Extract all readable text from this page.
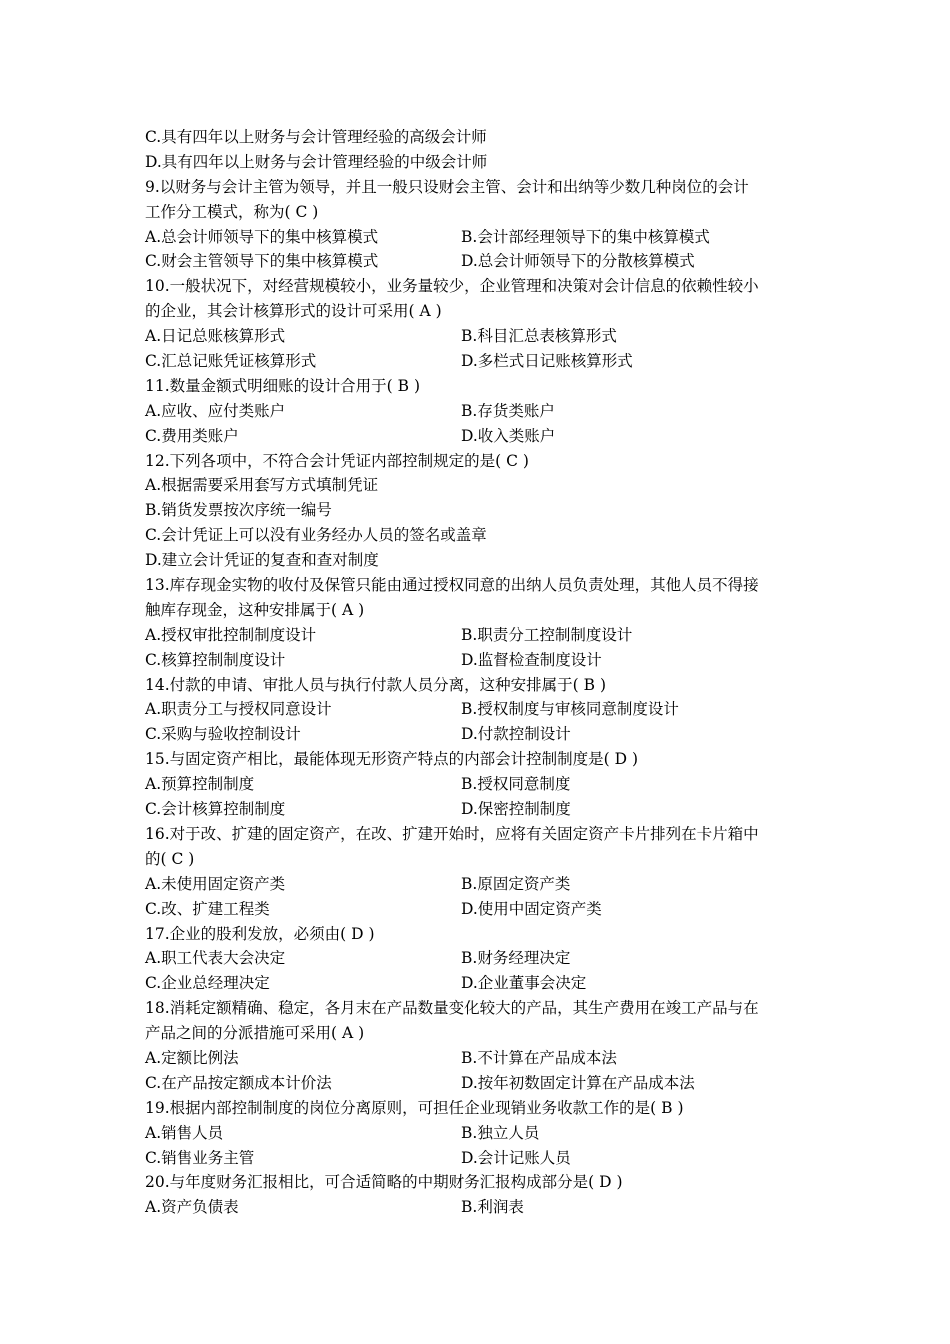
C.具有四年以上财务与会计管理经验的高级会计师
D.具有四年以上财务与会计管理经验的中级会计师
9.以财务与会计主管为领导，并且一般只设财会主管、会计和出纳等少数几种岗位的会计
工作分工模式，称为( C )
A.总会计师领导下的集中核算模式	B.会计部经理领导下的集中核算模式
C.财会主管领导下的集中核算模式	D.总会计师领导下的分散核算模式
10.一般状况下，对经营规模较小，业务量较少，企业管理和决策对会计信息的依赖性较小
的企业，其会计核算形式的设计可采用( A )
A.日记总账核算形式	B.科目汇总表核算形式
C.汇总记账凭证核算形式	D.多栏式日记账核算形式
11.数量金额式明细账的设计合用于( B )
A.应收、应付类账户	B.存货类账户
C.费用类账户	D.收入类账户
12.下列各项中，不符合会计凭证内部控制规定的是( C )
A.根据需要采用套写方式填制凭证
B.销货发票按次序统一编号
C.会计凭证上可以没有业务经办人员的签名或盖章
D.建立会计凭证的复查和查对制度
13.库存现金实物的收付及保管只能由通过授权同意的出纳人员负责处理，其他人员不得接
触库存现金，这种安排属于( A )
A.授权审批控制制度设计	B.职责分工控制制度设计
C.核算控制制度设计	D.监督检查制度设计
14.付款的申请、审批人员与执行付款人员分离，这种安排属于( B )
A.职责分工与授权同意设计	B.授权制度与审核同意制度设计
C.采购与验收控制设计	D.付款控制设计
15.与固定资产相比，最能体现无形资产特点的内部会计控制制度是( D )
A.预算控制制度	B.授权同意制度
C.会计核算控制制度	D.保密控制制度
16.对于改、扩建的固定资产，在改、扩建开始时，应将有关固定资产卡片排列在卡片箱中
的( C )
A.未使用固定资产类	B.原固定资产类
C.改、扩建工程类	D.使用中固定资产类
17.企业的股利发放，必须由( D )
A.职工代表大会决定	B.财务经理决定
C.企业总经理决定	D.企业董事会决定
18.消耗定额精确、稳定，各月末在产品数量变化较大的产品，其生产费用在竣工产品与在
产品之间的分派措施可采用( A )
A.定额比例法	B.不计算在产品成本法
C.在产品按定额成本计价法	D.按年初数固定计算在产品成本法
19.根据内部控制制度的岗位分离原则，可担任企业现销业务收款工作的是( B )
A.销售人员	B.独立人员
C.销售业务主管	D.会计记账人员
20.与年度财务汇报相比，可合适简略的中期财务汇报构成部分是( D )
A.资产负债表	B.利润表
